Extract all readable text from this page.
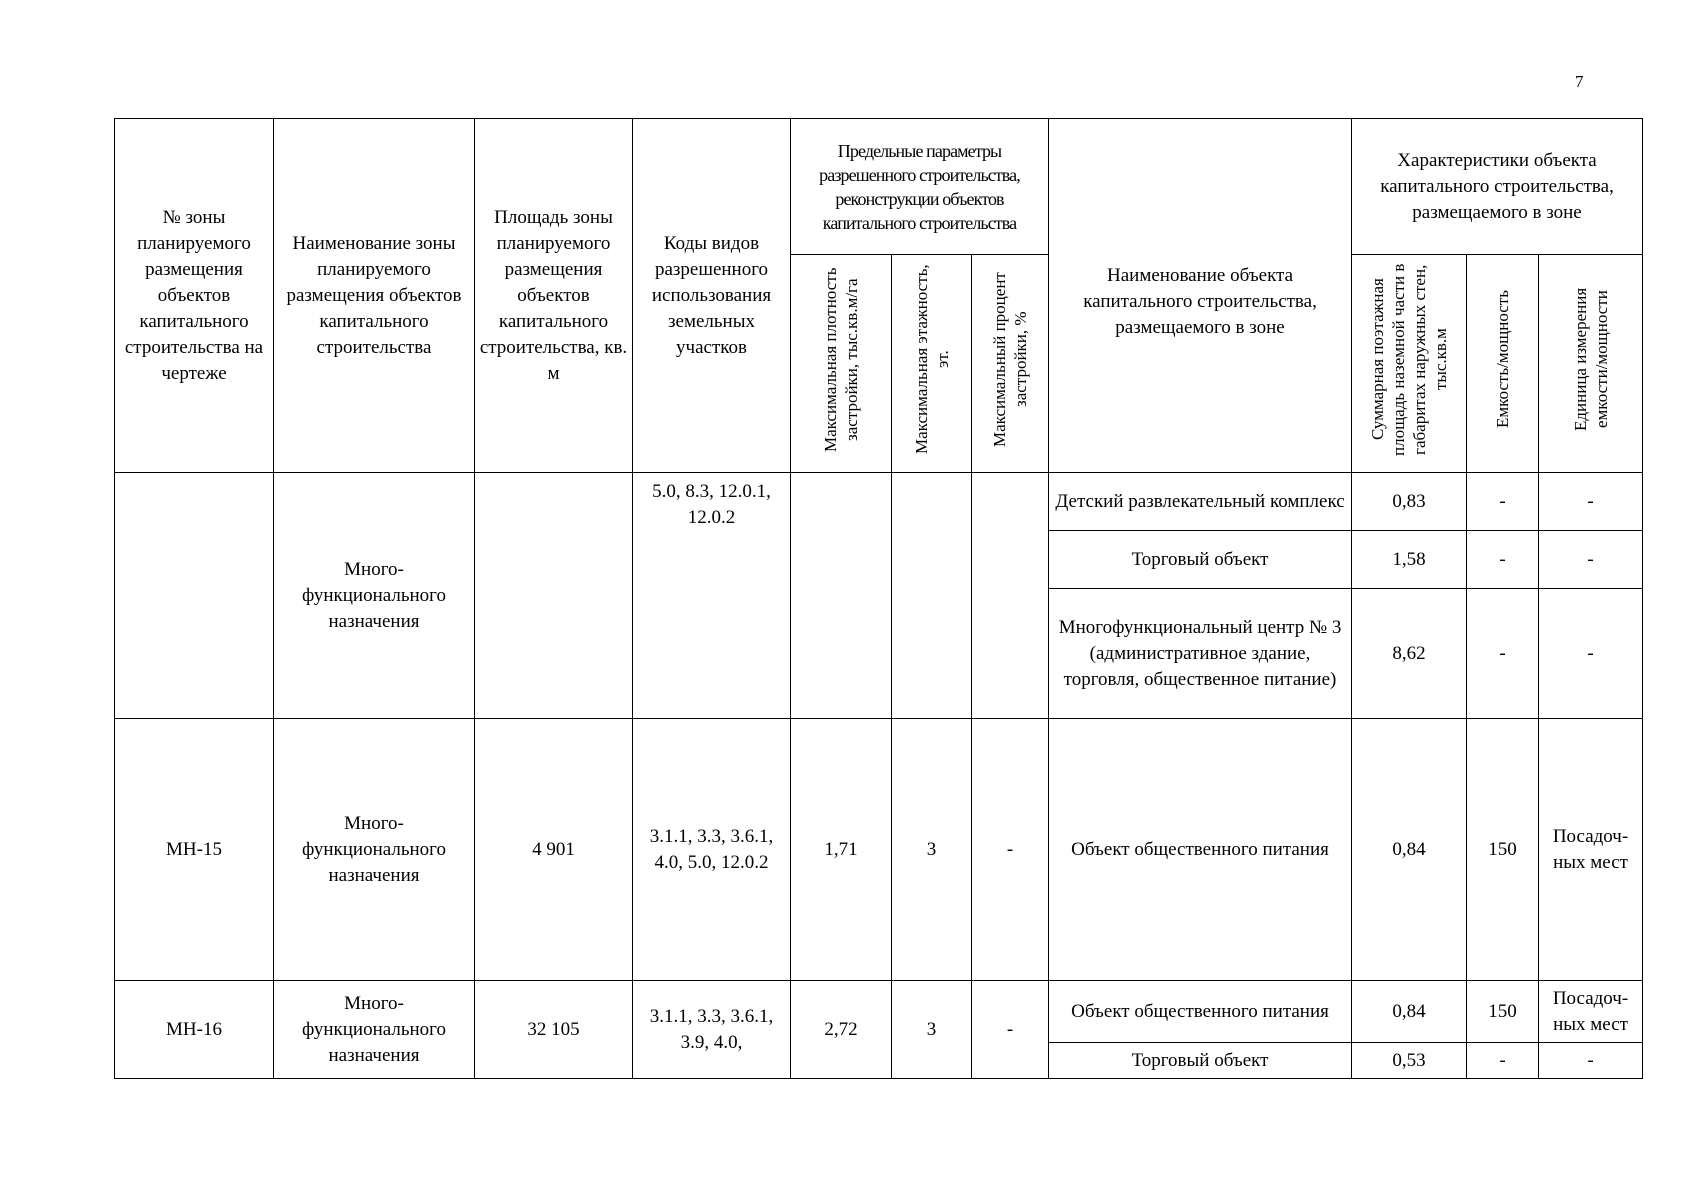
7
№ зоны планируемого размещения объектов капитального строительства на чертеже	Наименование зоны планируемого размещения объектов капитального строительства	Площадь зоны планируемого размещения объектов капитального строительства, кв. м	Коды видов разрешенного использования земельных участков	Предельные параметры разрешенного строительства, реконструкции объектов капитального строительства			Наименование объекта капитального строительства, размещаемого в зоне	Характеристики объекта капитального строительства, размещаемого в зоне		
				Максимальная плотность застройки, тыс.кв.м/га	Максимальная этажность, эт.	Максимальный процент застройки, %		Суммарная поэтажная площадь наземной части в габаритах наружных стен, тыс.кв.м	Емкость/мощность	Единица измерения емкости/мощности
	Много- функционального назначения		5.0, 8.3, 12.0.1, 12.0.2				Детский развлекательный комплекс	0,83	-	-
							Торговый объект	1,58	-	-
							Многофункциональный центр № 3 (административное здание, торговля, общественное питание)	8,62	-	-
МН-15	Много- функционального назначения	4 901	3.1.1, 3.3, 3.6.1, 4.0, 5.0, 12.0.2	1,71	3	-	Объект общественного питания	0,84	150	Посадоч- ных мест
МН-16	Много- функционального назначения	32 105	3.1.1, 3.3, 3.6.1, 3.9, 4.0,	2,72	3	-	Объект общественного питания	0,84	150	Посадоч- ных мест
							Торговый объект	0,53	-	-
